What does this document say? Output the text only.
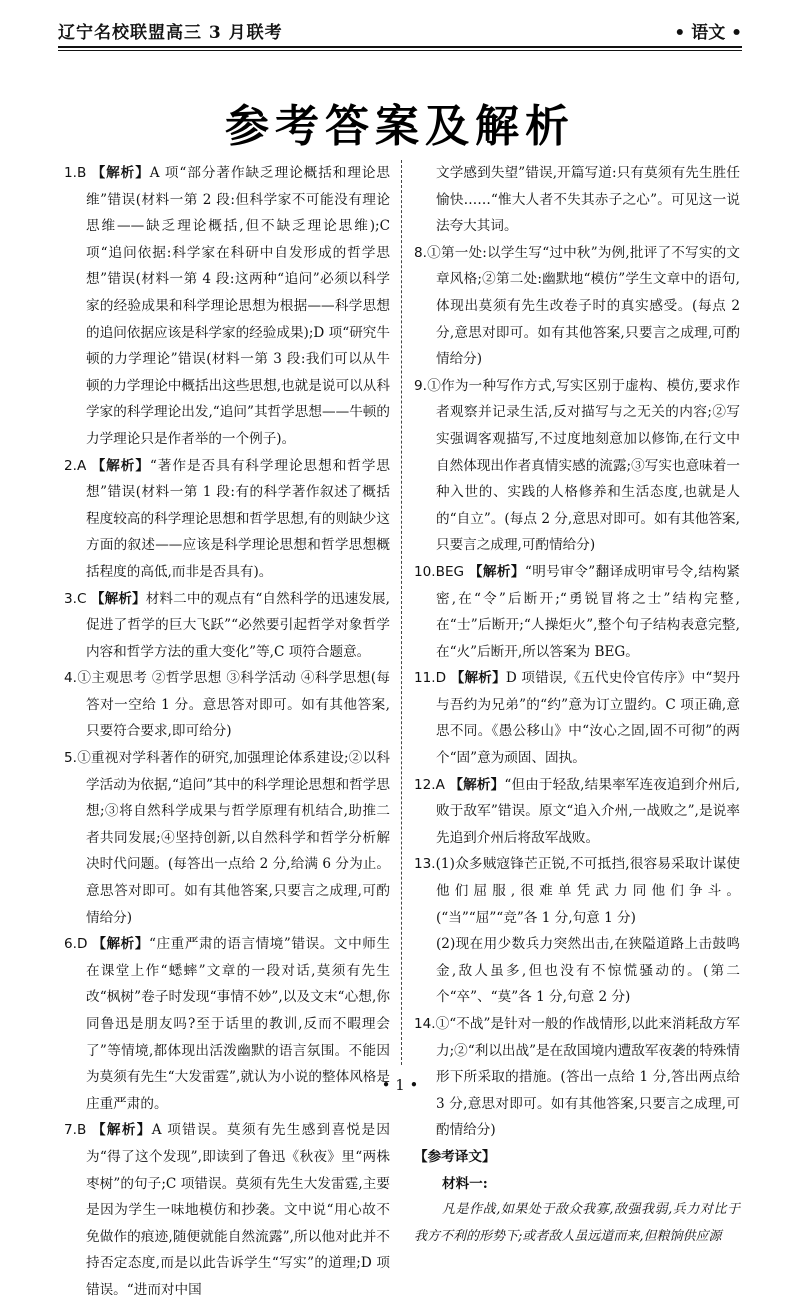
辽宁名校联盟高三 3 月联考	• 语文 •
参考答案及解析

1.B 【解析】A 项“部分著作缺乏理论概括和理论思维”错误(材料一第 2 段:但科学家不可能没有理论思维——缺乏理论概括,但不缺乏理论思维);C 项“追问依据:科学家在科研中自发形成的哲学思想”错误(材料一第 4 段:这两种“追问”必须以科学家的经验成果和科学理论思想为根据——科学思想的追问依据应该是科学家的经验成果);D 项“研究牛顿的力学理论”错误(材料一第 3 段:我们可以从牛顿的力学理论中概括出这些思想,也就是说可以从科学家的科学理论出发,“追问”其哲学思想——牛顿的力学理论只是作者举的一个例子)。

2.A 【解析】“著作是否具有科学理论思想和哲学思想”错误(材料一第 1 段:有的科学著作叙述了概括程度较高的科学理论思想和哲学思想,有的则缺少这方面的叙述——应该是科学理论思想和哲学思想概括程度的高低,而非是否具有)。

3.C 【解析】材料二中的观点有“自然科学的迅速发展,促进了哲学的巨大飞跃”“必然要引起哲学对象哲学内容和哲学方法的重大变化”等,C 项符合题意。

4.①主观思考 ②哲学思想 ③科学活动 ④科学思想(每答对一空给 1 分。意思答对即可。如有其他答案,只要符合要求,即可给分)

5.①重视对学科著作的研究,加强理论体系建设;②以科学活动为依据,“追问”其中的科学理论思想和哲学思想;③将自然科学成果与哲学原理有机结合,助推二者共同发展;④坚持创新,以自然科学和哲学分析解决时代问题。(每答出一点给 2 分,给满 6 分为止。意思答对即可。如有其他答案,只要言之成理,可酌情给分)

6.D 【解析】“庄重严肃的语言情境”错误。文中师生在课堂上作“蟋蟀”文章的一段对话,莫须有先生改“枫树”卷子时发现“事情不妙”,以及文末“心想,你同鲁迅是朋友吗?至于话里的教训,反而不暇理会了”等情境,都体现出活泼幽默的语言氛围。不能因为莫须有先生“大发雷霆”,就认为小说的整体风格是庄重严肃的。

7.B 【解析】A 项错误。莫须有先生感到喜悦是因为“得了这个发现”,即读到了鲁迅《秋夜》里“两株枣树”的句子;C 项错误。莫须有先生大发雷霆,主要是因为学生一味地模仿和抄袭。文中说“用心故不免做作的痕迹,随便就能自然流露”,所以他对此并不持否定态度,而是以此告诉学生“写实”的道理;D 项错误。“进而对中国

文学感到失望”错误,开篇写道:只有莫须有先生胜任愉快……“惟大人者不失其赤子之心”。可见这一说法夸大其词。

8.①第一处:以学生写“过中秋”为例,批评了不写实的文章风格;②第二处:幽默地“模仿”学生文章中的语句,体现出莫须有先生改卷子时的真实感受。(每点 2 分,意思对即可。如有其他答案,只要言之成理,可酌情给分)

9.①作为一种写作方式,写实区别于虚构、模仿,要求作者观察并记录生活,反对描写与之无关的内容;②写实强调客观描写,不过度地刻意加以修饰,在行文中自然体现出作者真情实感的流露;③写实也意味着一种入世的、实践的人格修养和生活态度,也就是人的“自立”。(每点 2 分,意思对即可。如有其他答案,只要言之成理,可酌情给分)

10.BEG 【解析】“明号审令”翻译成明审号令,结构紧密,在“令”后断开;“勇锐冒将之士”结构完整,在“士”后断开;“人操炬火”,整个句子结构表意完整,在“火”后断开,所以答案为 BEG。

11.D 【解析】D 项错误,《五代史伶官传序》中“契丹与吾约为兄弟”的“约”意为订立盟约。C 项正确,意思不同。《愚公移山》中“汝心之固,固不可彻”的两个“固”意为顽固、固执。

12.A 【解析】“但由于轻敌,结果率军连夜追到介州后,败于敌军”错误。原文“追入介州,一战败之”,是说率先追到介州后将敌军战败。

13.(1)众多贼寇锋芒正锐,不可抵挡,很容易采取计谋使他们屈服,很难单凭武力同他们争斗。(“当”“屈”“竞”各 1 分,句意 1 分)

(2)现在用少数兵力突然出击,在狭隘道路上击鼓鸣金,敌人虽多,但也没有不惊慌骚动的。(第二个“卒”、“莫”各 1 分,句意 2 分)

14.①“不战”是针对一般的作战情形,以此来消耗敌方军力;②“利以出战”是在敌国境内遭敌军夜袭的特殊情形下所采取的措施。(答出一点给 1 分,答出两点给 3 分,意思对即可。如有其他答案,只要言之成理,可酌情给分)

【参考译文】

材料一:

凡是作战,如果处于敌众我寡,敌强我弱,兵力对比于我方不利的形势下;或者敌人虽远道而来,但粮饷供应源

• 1 •
